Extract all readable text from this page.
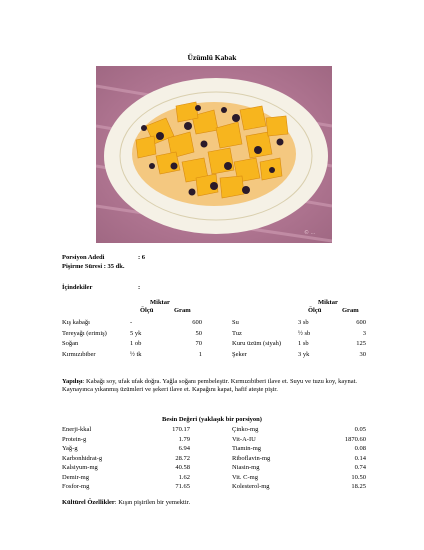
Üzümlü Kabak
© ...
Porsiyon Adedi	: 6
Pişirme Süresi : 35 dk.
İçindekiler	:
Miktar	Miktar
Ölçü	Gram	Ölçü	Gram
Kış kabağı	-	600
Tereyağı (erimiş)	5 yk	50
Soğan	1 ob	70
Kırmızıbiber	½ tk	1
Su	3 sb	600
Tuz	½ sb	3
Kuru üzüm (siyah)	1 sb	125
Şeker	3 yk	30
Yapılışı: Kabağı soy, ufak ufak doğra. Yağla soğanı pembeleştir. Kırmızıbiberi ilave et. Suyu ve tuzu koy, kaynat. Kaynayınca yıkanmış üzümleri ve şekeri ilave et. Kapağını kapat, hafif ateşte pişir.
Besin Değeri (yaklaşık bir porsiyon)
Enerji-kkal	170.17
Protein-g	1.79
Yağ-g	6.94
Karbonhidrat-g	28.72
Kalsiyum-mg	40.58
Demir-mg	1.62
Fosfor-mg	71.65
Çinko-mg	0.05
Vit-A-IU	1870.60
Tiamin-mg	0.08
Riboflavin-mg	0.14
Niasin-mg	0.74
Vit. C-mg	10.50
Kolesterol-mg	18.25
Kültürel Özellikler: Kışın pişirilen bir yemektir.
